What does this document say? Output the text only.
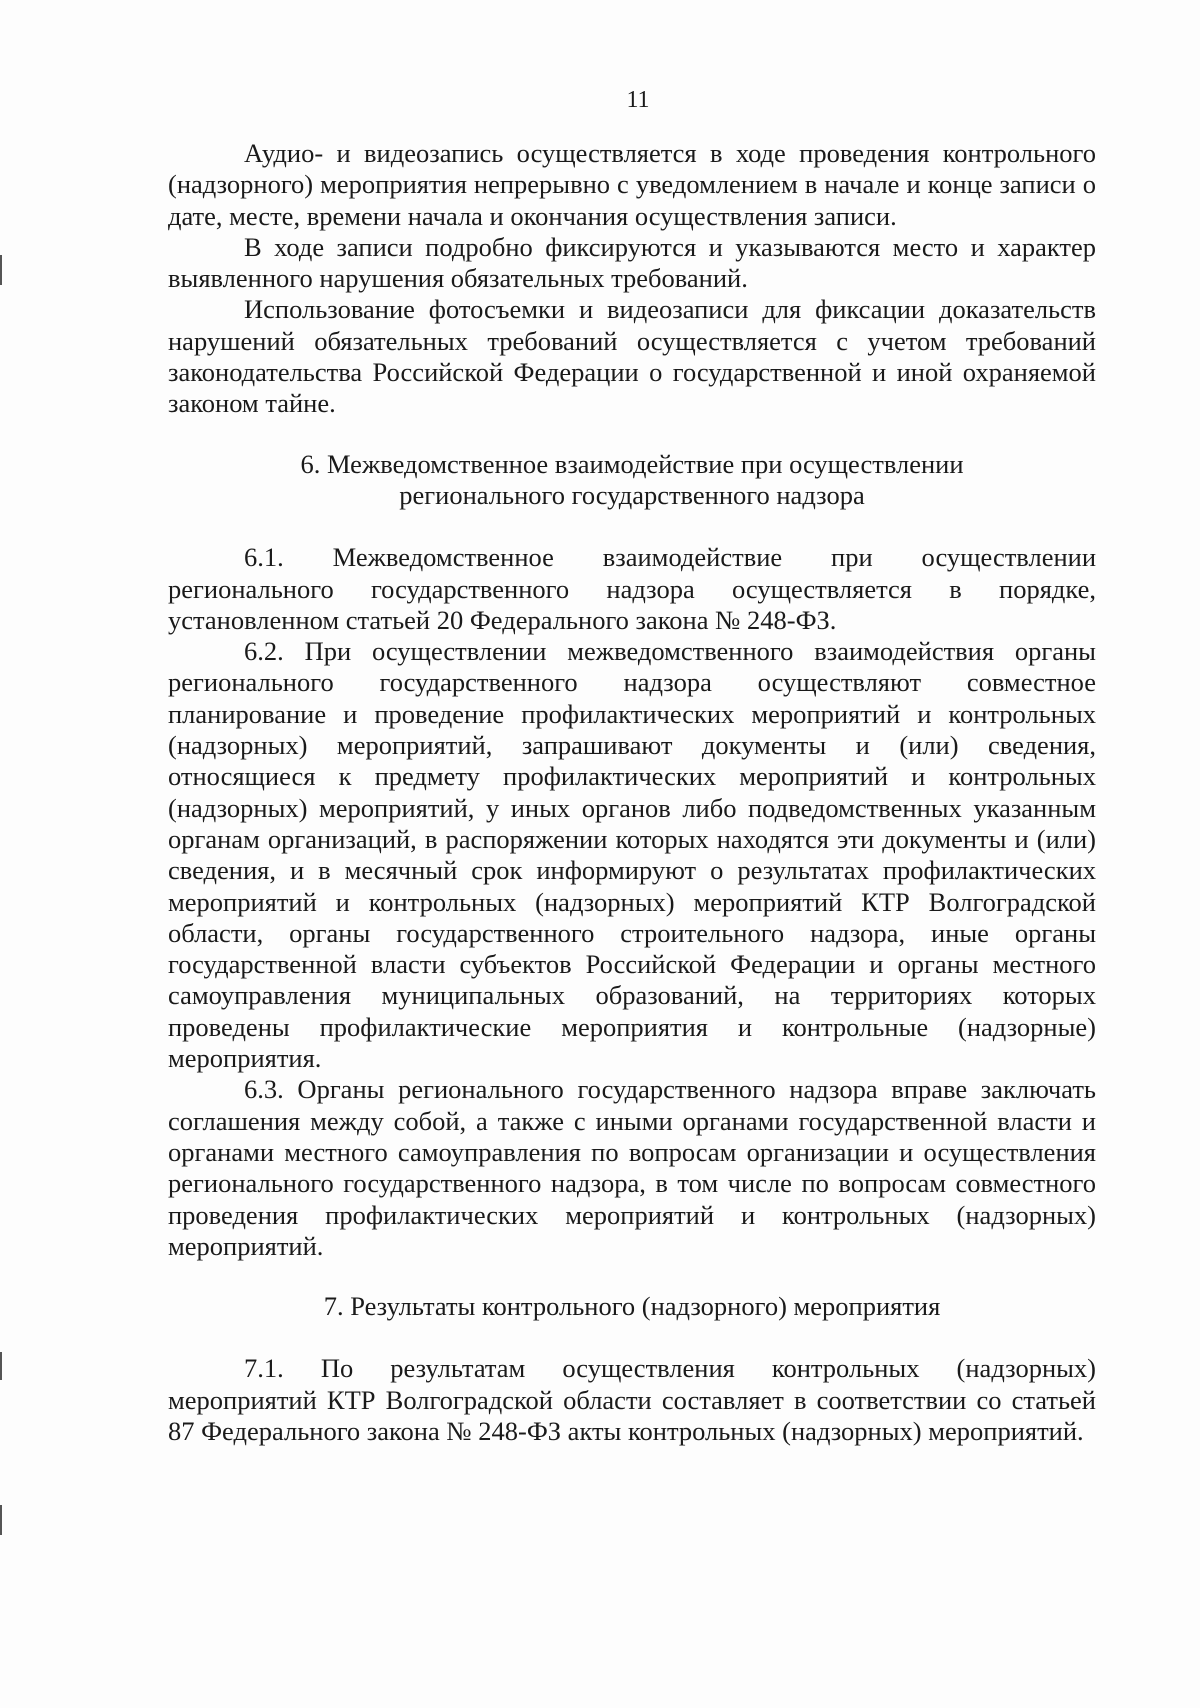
11

Аудио- и видеозапись осуществляется в ходе проведения контрольного (надзорного) мероприятия непрерывно с уведомлением в начале и конце записи о дате, месте, времени начала и окончания осуществления записи.

В ходе записи подробно фиксируются и указываются место и характер выявленного нарушения обязательных требований.

Использование фотосъемки и видеозаписи для фиксации доказательств нарушений обязательных требований осуществляется с учетом требований законодательства Российской Федерации о государственной и иной охраняемой законом тайне.

6. Межведомственное взаимодействие при осуществлении
регионального государственного надзора

6.1. Межведомственное взаимодействие при осуществлении регионального государственного надзора осуществляется в порядке, установленном статьей 20 Федерального закона № 248-ФЗ.

6.2. При осуществлении межведомственного взаимодействия органы регионального государственного надзора осуществляют совместное планирование и проведение профилактических мероприятий и контрольных (надзорных) мероприятий, запрашивают документы и (или) сведения, относящиеся к предмету профилактических мероприятий и контрольных (надзорных) мероприятий, у иных органов либо подведомственных указанным органам организаций, в распоряжении которых находятся эти документы и (или) сведения, и в месячный срок информируют о результатах профилактических мероприятий и контрольных (надзорных) мероприятий КТР Волгоградской области, органы государственного строительного надзора, иные органы государственной власти субъектов Российской Федерации и органы местного самоуправления муниципальных образований, на территориях которых проведены профилактические мероприятия и контрольные (надзорные) мероприятия.

6.3. Органы регионального государственного надзора вправе заключать соглашения между собой, а также с иными органами государственной власти и органами местного самоуправления по вопросам организации и осуществления регионального государственного надзора, в том числе по вопросам совместного проведения профилактических мероприятий и контрольных (надзорных) мероприятий.

7. Результаты контрольного (надзорного) мероприятия

7.1. По результатам осуществления контрольных (надзорных) мероприятий КТР Волгоградской области составляет в соответствии со статьей 87 Федерального закона № 248-ФЗ акты контрольных (надзорных) мероприятий.
